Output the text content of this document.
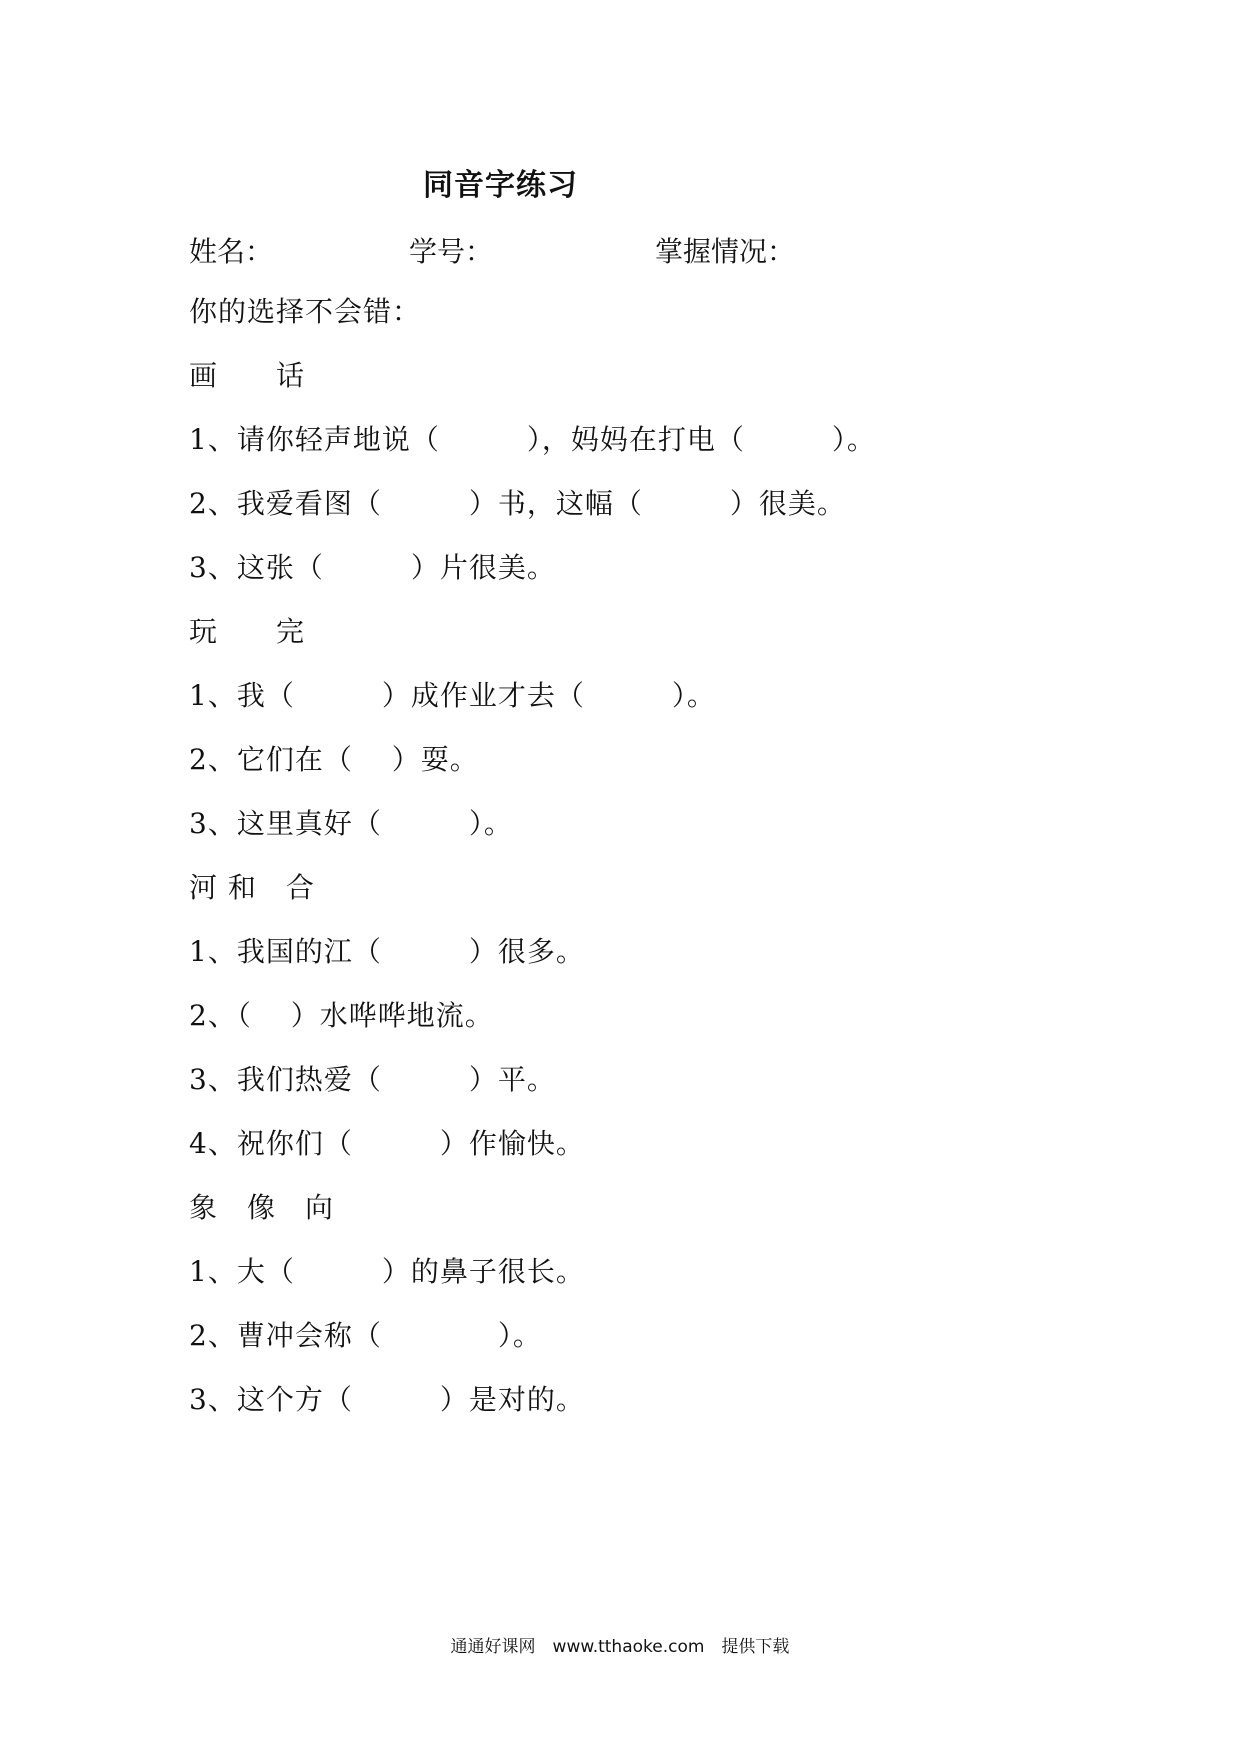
同音字练习
姓名：	学号：	掌握情况：
你的选择不会错：
画　　话
1、请你轻声地说（　　　），妈妈在打电（　　　）。
2、我爱看图（　　　）书，这幅（　　　）很美。
3、这张（　　　）片很美。
玩　　完
1、我（　　　）成作业才去（　　　）。
2、它们在（　 ）耍。
3、这里真好（　　　）。
河 和　合
1、我国的江（　　　）很多。
2、（　 ）水哗哗地流。
3、我们热爱（　　　）平。
4、祝你们（　　　）作愉快。
象　像　向
1、大（　　　）的鼻子很长。
2、曹冲会称（　　　　）。
3、这个方（　　　）是对的。
通通好课网　www.tthaoke.com　提供下载
